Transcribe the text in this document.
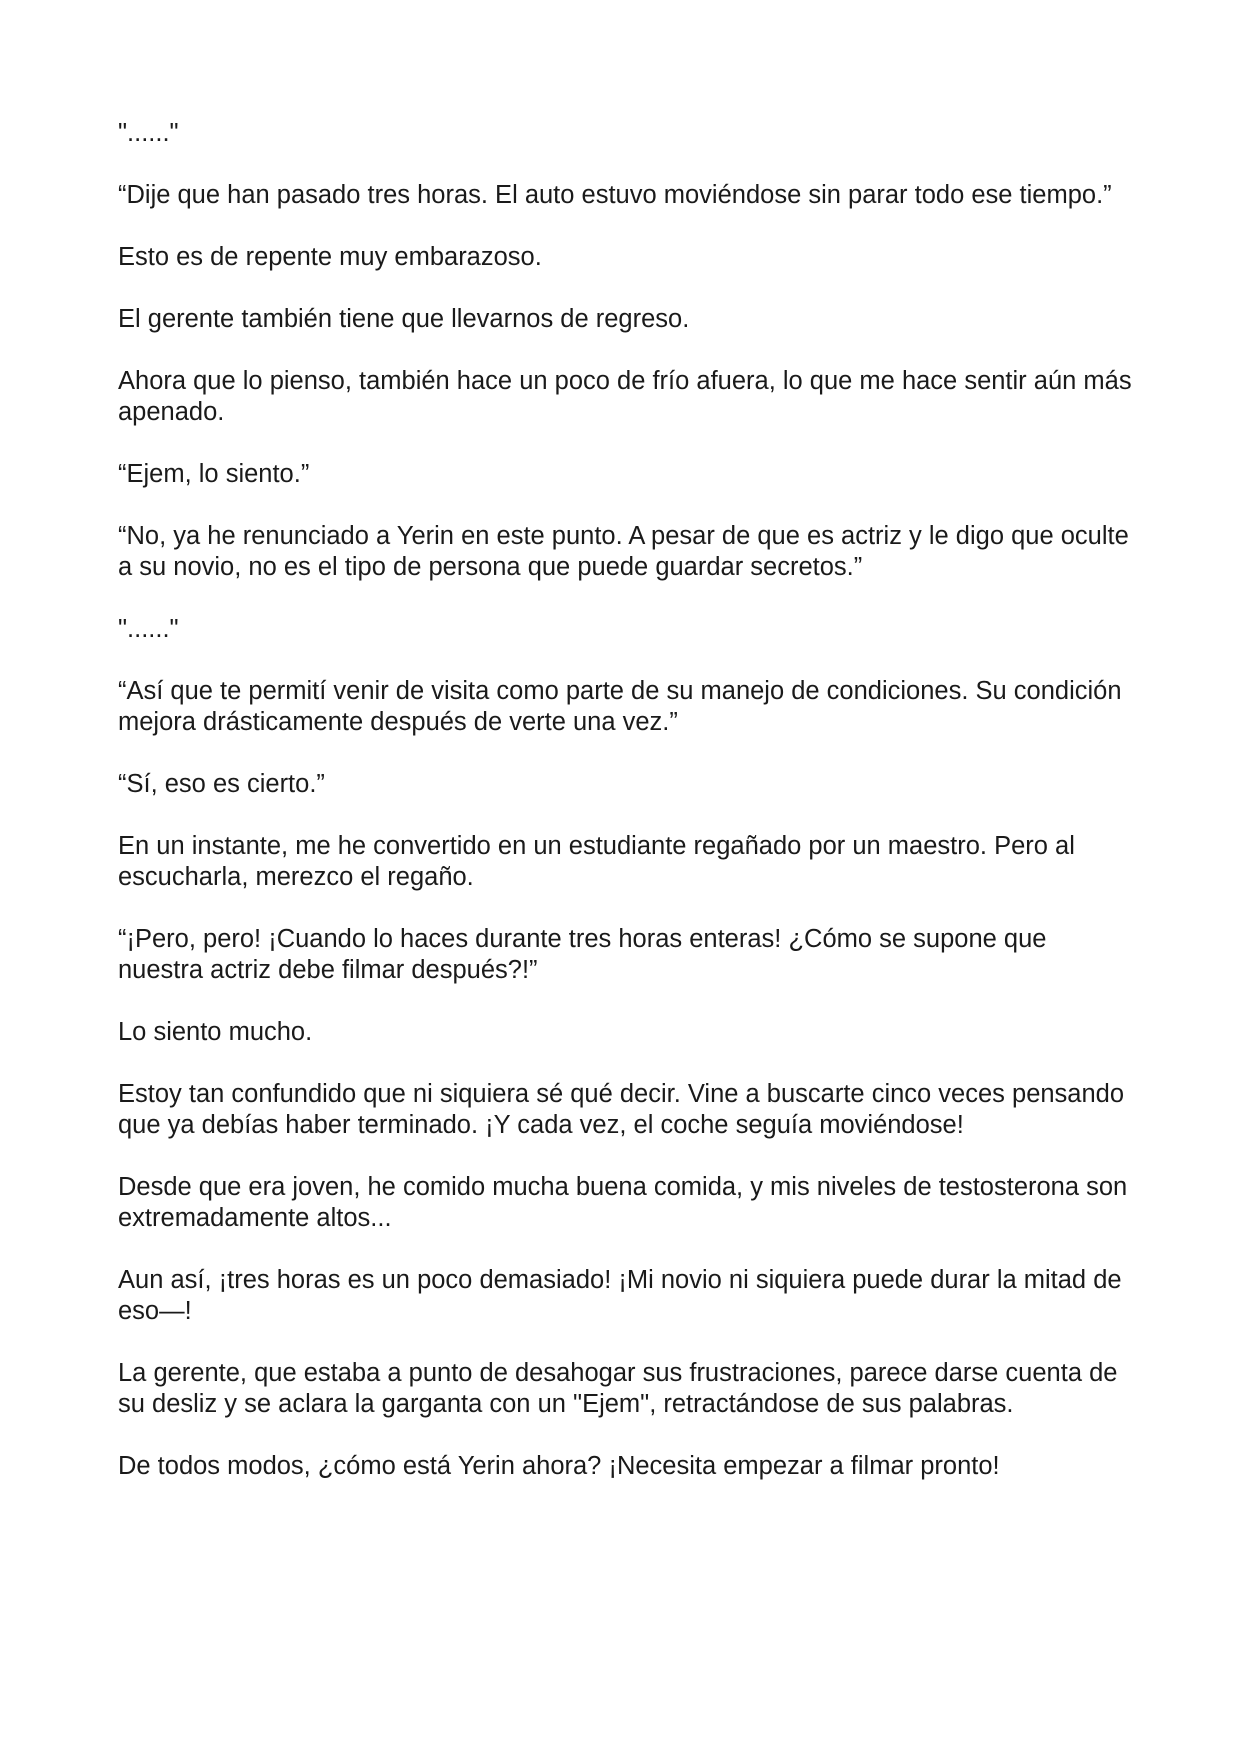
"......"

“Dije que han pasado tres horas. El auto estuvo moviéndose sin parar todo ese tiempo.”

Esto es de repente muy embarazoso.

El gerente también tiene que llevarnos de regreso.

Ahora que lo pienso, también hace un poco de frío afuera, lo que me hace sentir aún más apenado.

“Ejem, lo siento.”

“No, ya he renunciado a Yerin en este punto. A pesar de que es actriz y le digo que oculte a su novio, no es el tipo de persona que puede guardar secretos.”

"......"

“Así que te permití venir de visita como parte de su manejo de condiciones. Su condición mejora drásticamente después de verte una vez.”

“Sí, eso es cierto.”

En un instante, me he convertido en un estudiante regañado por un maestro. Pero al escucharla, merezco el regaño.

“¡Pero, pero! ¡Cuando lo haces durante tres horas enteras! ¿Cómo se supone que nuestra actriz debe filmar después?!”

Lo siento mucho.

Estoy tan confundido que ni siquiera sé qué decir. Vine a buscarte cinco veces pensando que ya debías haber terminado. ¡Y cada vez, el coche seguía moviéndose!

Desde que era joven, he comido mucha buena comida, y mis niveles de testosterona son extremadamente altos...

Aun así, ¡tres horas es un poco demasiado! ¡Mi novio ni siquiera puede durar la mitad de eso—!

La gerente, que estaba a punto de desahogar sus frustraciones, parece darse cuenta de su desliz y se aclara la garganta con un "Ejem", retractándose de sus palabras.

De todos modos, ¿cómo está Yerin ahora? ¡Necesita empezar a filmar pronto!
